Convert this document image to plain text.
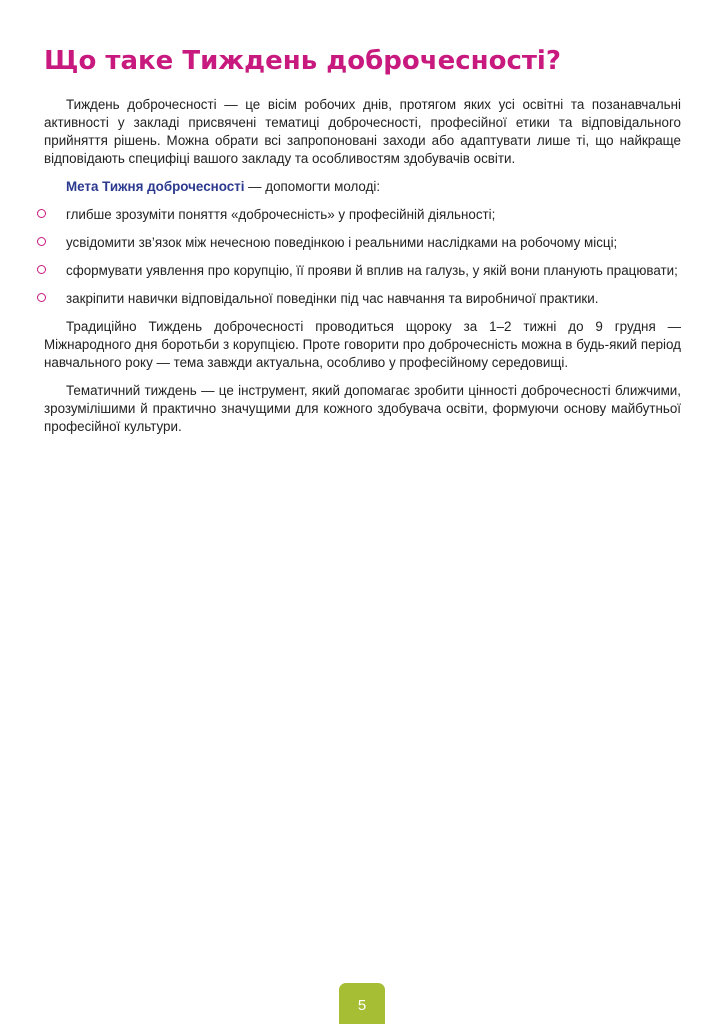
Що таке Тиждень доброчесності?

Тиждень доброчесності — це вісім робочих днів, протягом яких усі освітні та позанавчальні активності у закладі присвячені тематиці доброчесності, професійної етики та відповідального прийняття рішень. Можна обрати всі запропоновані заходи або адаптувати лише ті, що найкраще відповідають специфіці вашого закладу та особливостям здобувачів освіти.

Мета Тижня доброчесності — допомогти молоді:

глибше зрозуміти поняття «доброчесність» у професійній діяльності;
усвідомити зв’язок між нечесною поведінкою і реальними наслідками на робочому місці;
сформувати уявлення про корупцію, її прояви й вплив на галузь, у якій вони планують працювати;
закріпити навички відповідальної поведінки під час навчання та виробничої практики.

Традиційно Тиждень доброчесності проводиться щороку за 1–2 тижні до 9 грудня — Міжнародного дня боротьби з корупцією. Проте говорити про доброчесність можна в будь-який період навчального року — тема завжди актуальна, особливо у професійному середовищі.

Тематичний тиждень — це інструмент, який допомагає зробити цінності доброчесності ближчими, зрозумілішими й практично значущими для кожного здобувача освіти, формуючи основу майбутньої професійної культури.

5
